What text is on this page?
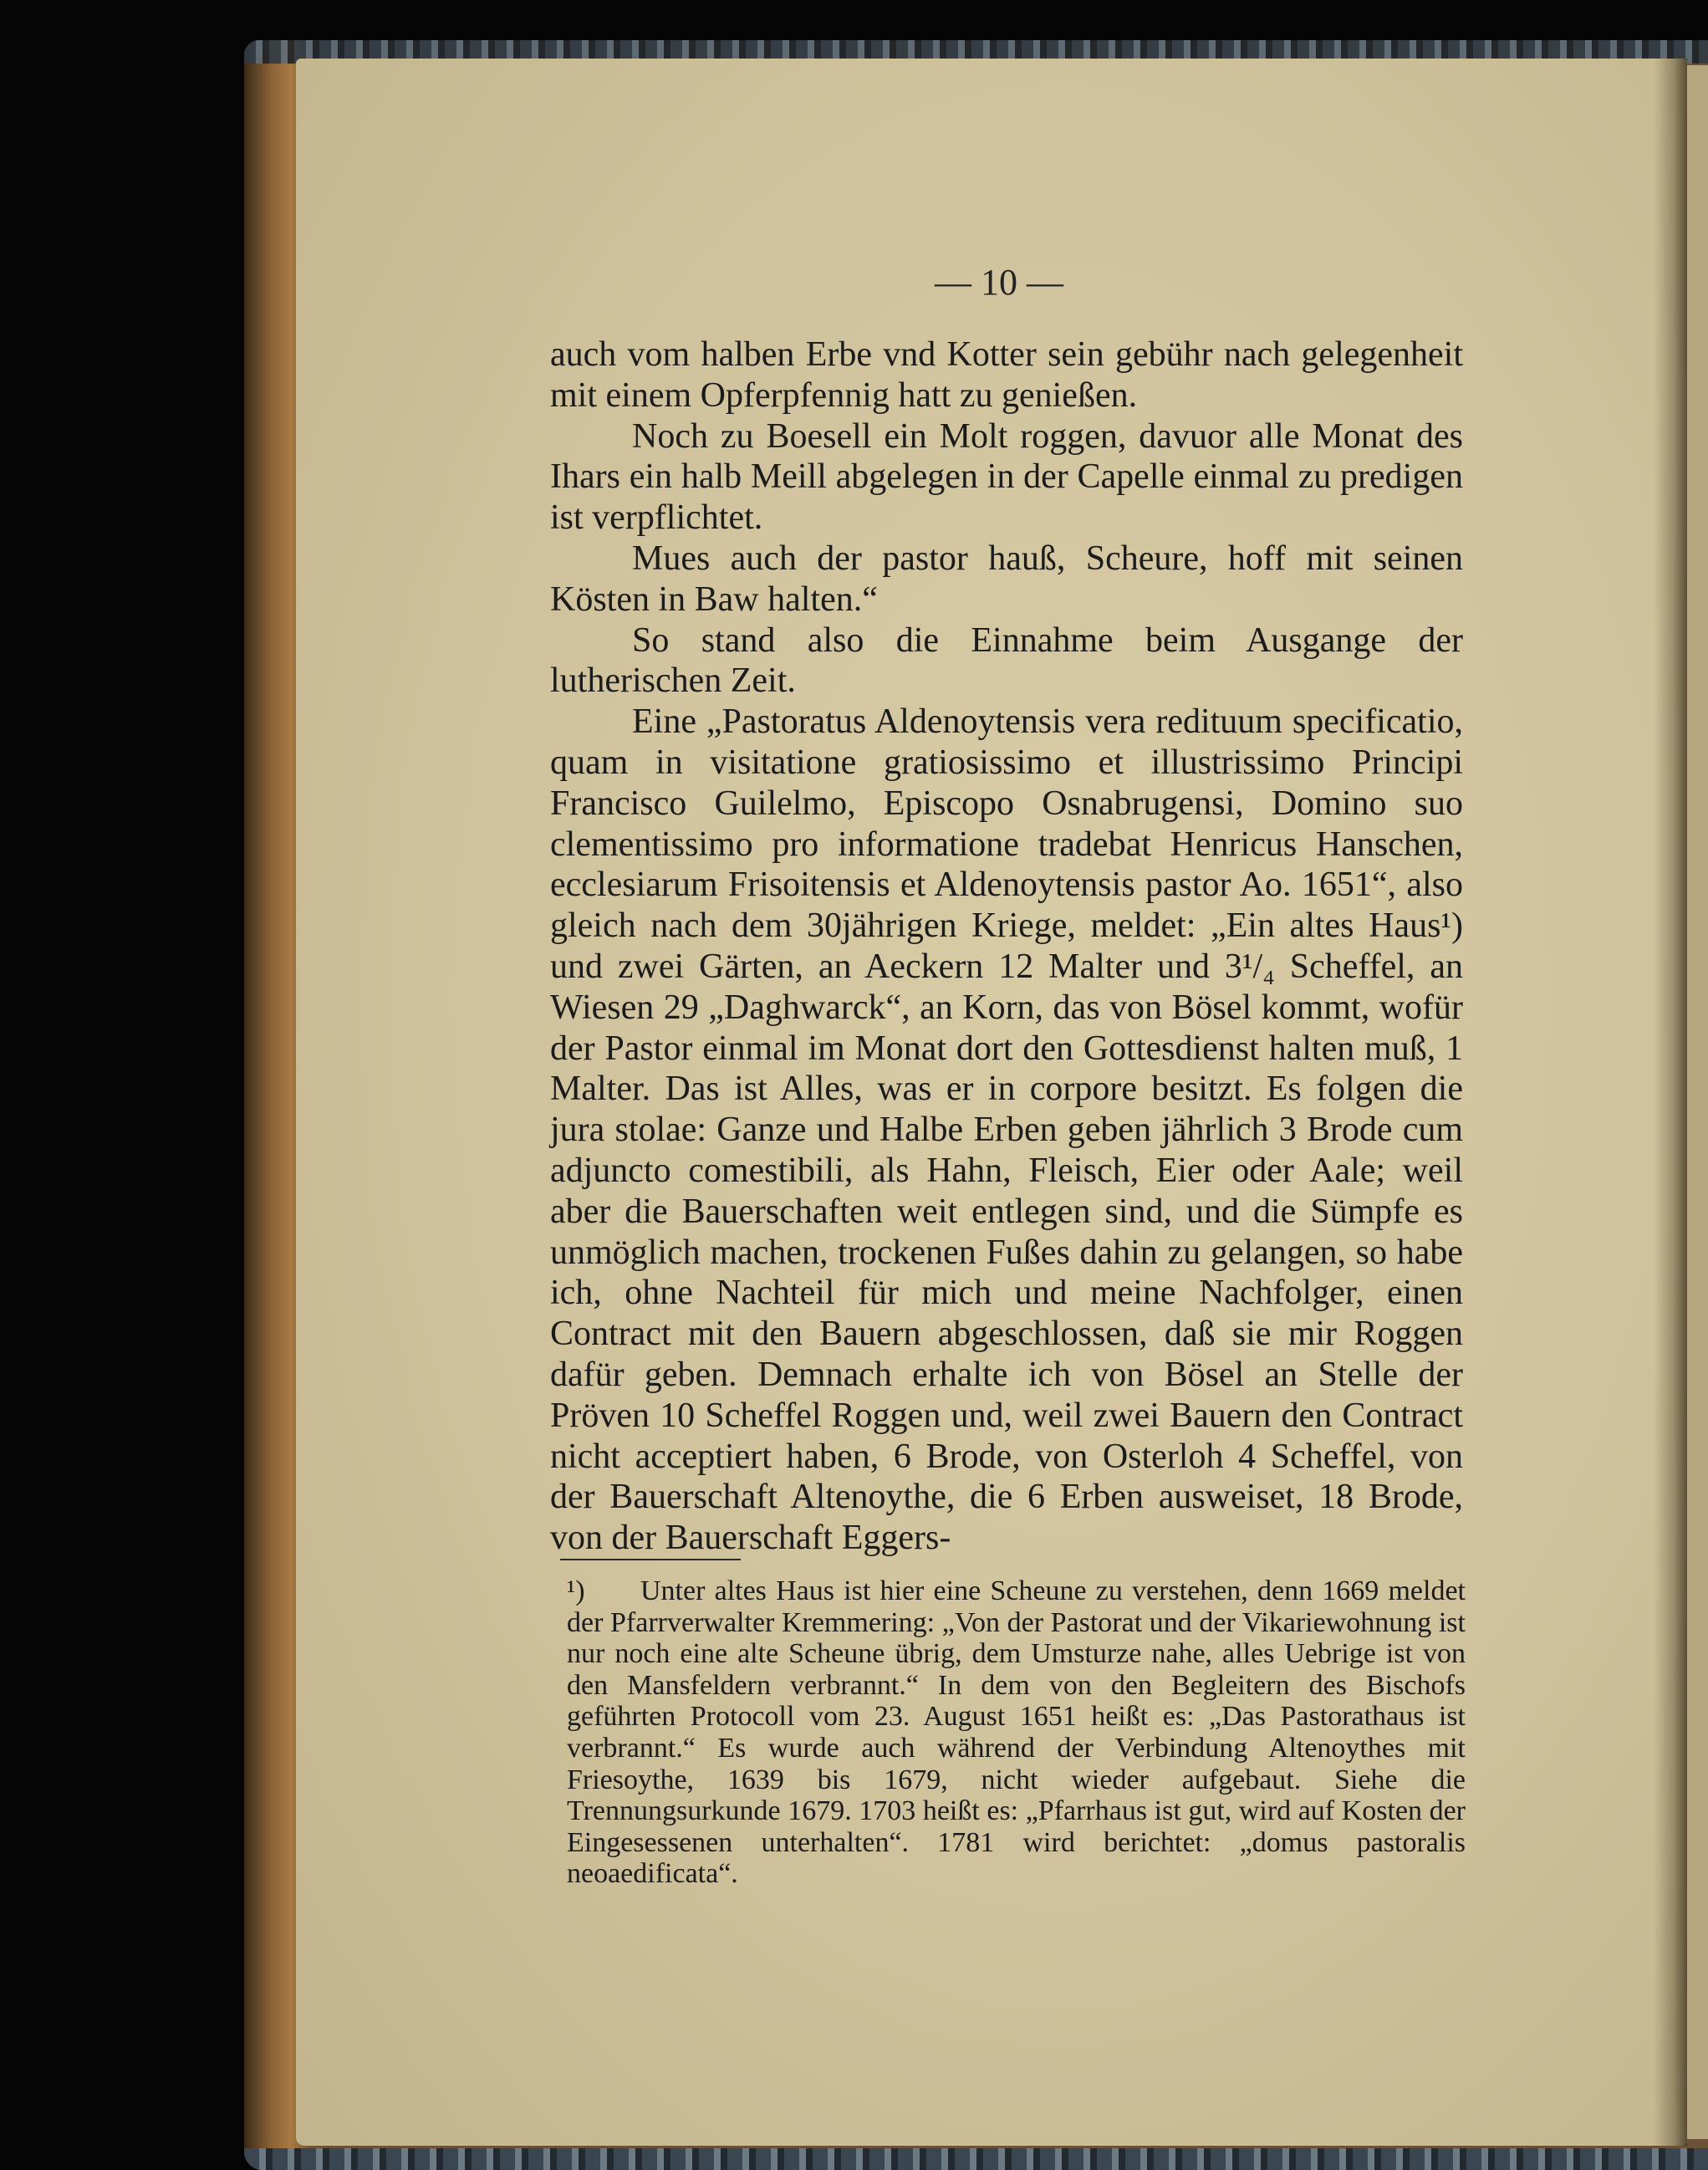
— 10 —

auch vom halben Erbe vnd Kotter sein gebühr nach gelegenheit mit einem Opferpfennig hatt zu genießen.

Noch zu Boesell ein Molt roggen, davuor alle Monat des Ihars ein halb Meill abgelegen in der Capelle einmal zu predigen ist verpflichtet.

Mues auch der pastor hauß, Scheure, hoff mit seinen Kösten in Baw halten.“

So stand also die Einnahme beim Ausgange der lutherischen Zeit.

Eine „Pastoratus Aldenoytensis vera redituum specificatio, quam in visitatione gratiosissimo et illustrissimo Principi Francisco Guilelmo, Episcopo Osnabrugensi, Domino suo clementissimo pro informatione tradebat Henricus Hanschen, ecclesiarum Frisoitensis et Aldenoytensis pastor Ao. 1651“, also gleich nach dem 30jährigen Kriege, meldet: „Ein altes Haus¹) und zwei Gärten, an Aeckern 12 Malter und 3¹/₄ Scheffel, an Wiesen 29 „Daghwarck“, an Korn, das von Bösel kommt, wofür der Pastor einmal im Monat dort den Gottesdienst halten muß, 1 Malter. Das ist Alles, was er in corpore besitzt. Es folgen die jura stolae: Ganze und Halbe Erben geben jährlich 3 Brode cum adjuncto comestibili, als Hahn, Fleisch, Eier oder Aale; weil aber die Bauerschaften weit entlegen sind, und die Sümpfe es unmöglich machen, trockenen Fußes dahin zu gelangen, so habe ich, ohne Nachteil für mich und meine Nachfolger, einen Contract mit den Bauern abgeschlossen, daß sie mir Roggen dafür geben. Demnach erhalte ich von Bösel an Stelle der Pröven 10 Scheffel Roggen und, weil zwei Bauern den Contract nicht acceptiert haben, 6 Brode, von Osterloh 4 Scheffel, von der Bauerschaft Altenoythe, die 6 Erben ausweiset, 18 Brode, von der Bauerschaft Eggers-

¹) Unter altes Haus ist hier eine Scheune zu verstehen, denn 1669 meldet der Pfarrverwalter Kremmering: „Von der Pastorat und der Vikariewohnung ist nur noch eine alte Scheune übrig, dem Umsturze nahe, alles Uebrige ist von den Mansfeldern verbrannt.“ In dem von den Begleitern des Bischofs geführten Protocoll vom 23. August 1651 heißt es: „Das Pastorathaus ist verbrannt.“ Es wurde auch während der Verbindung Altenoythes mit Friesoythe, 1639 bis 1679, nicht wieder aufgebaut. Siehe die Trennungsurkunde 1679. 1703 heißt es: „Pfarrhaus ist gut, wird auf Kosten der Eingesessenen unterhalten“. 1781 wird berichtet: „domus pastoralis neoaedificata“.
